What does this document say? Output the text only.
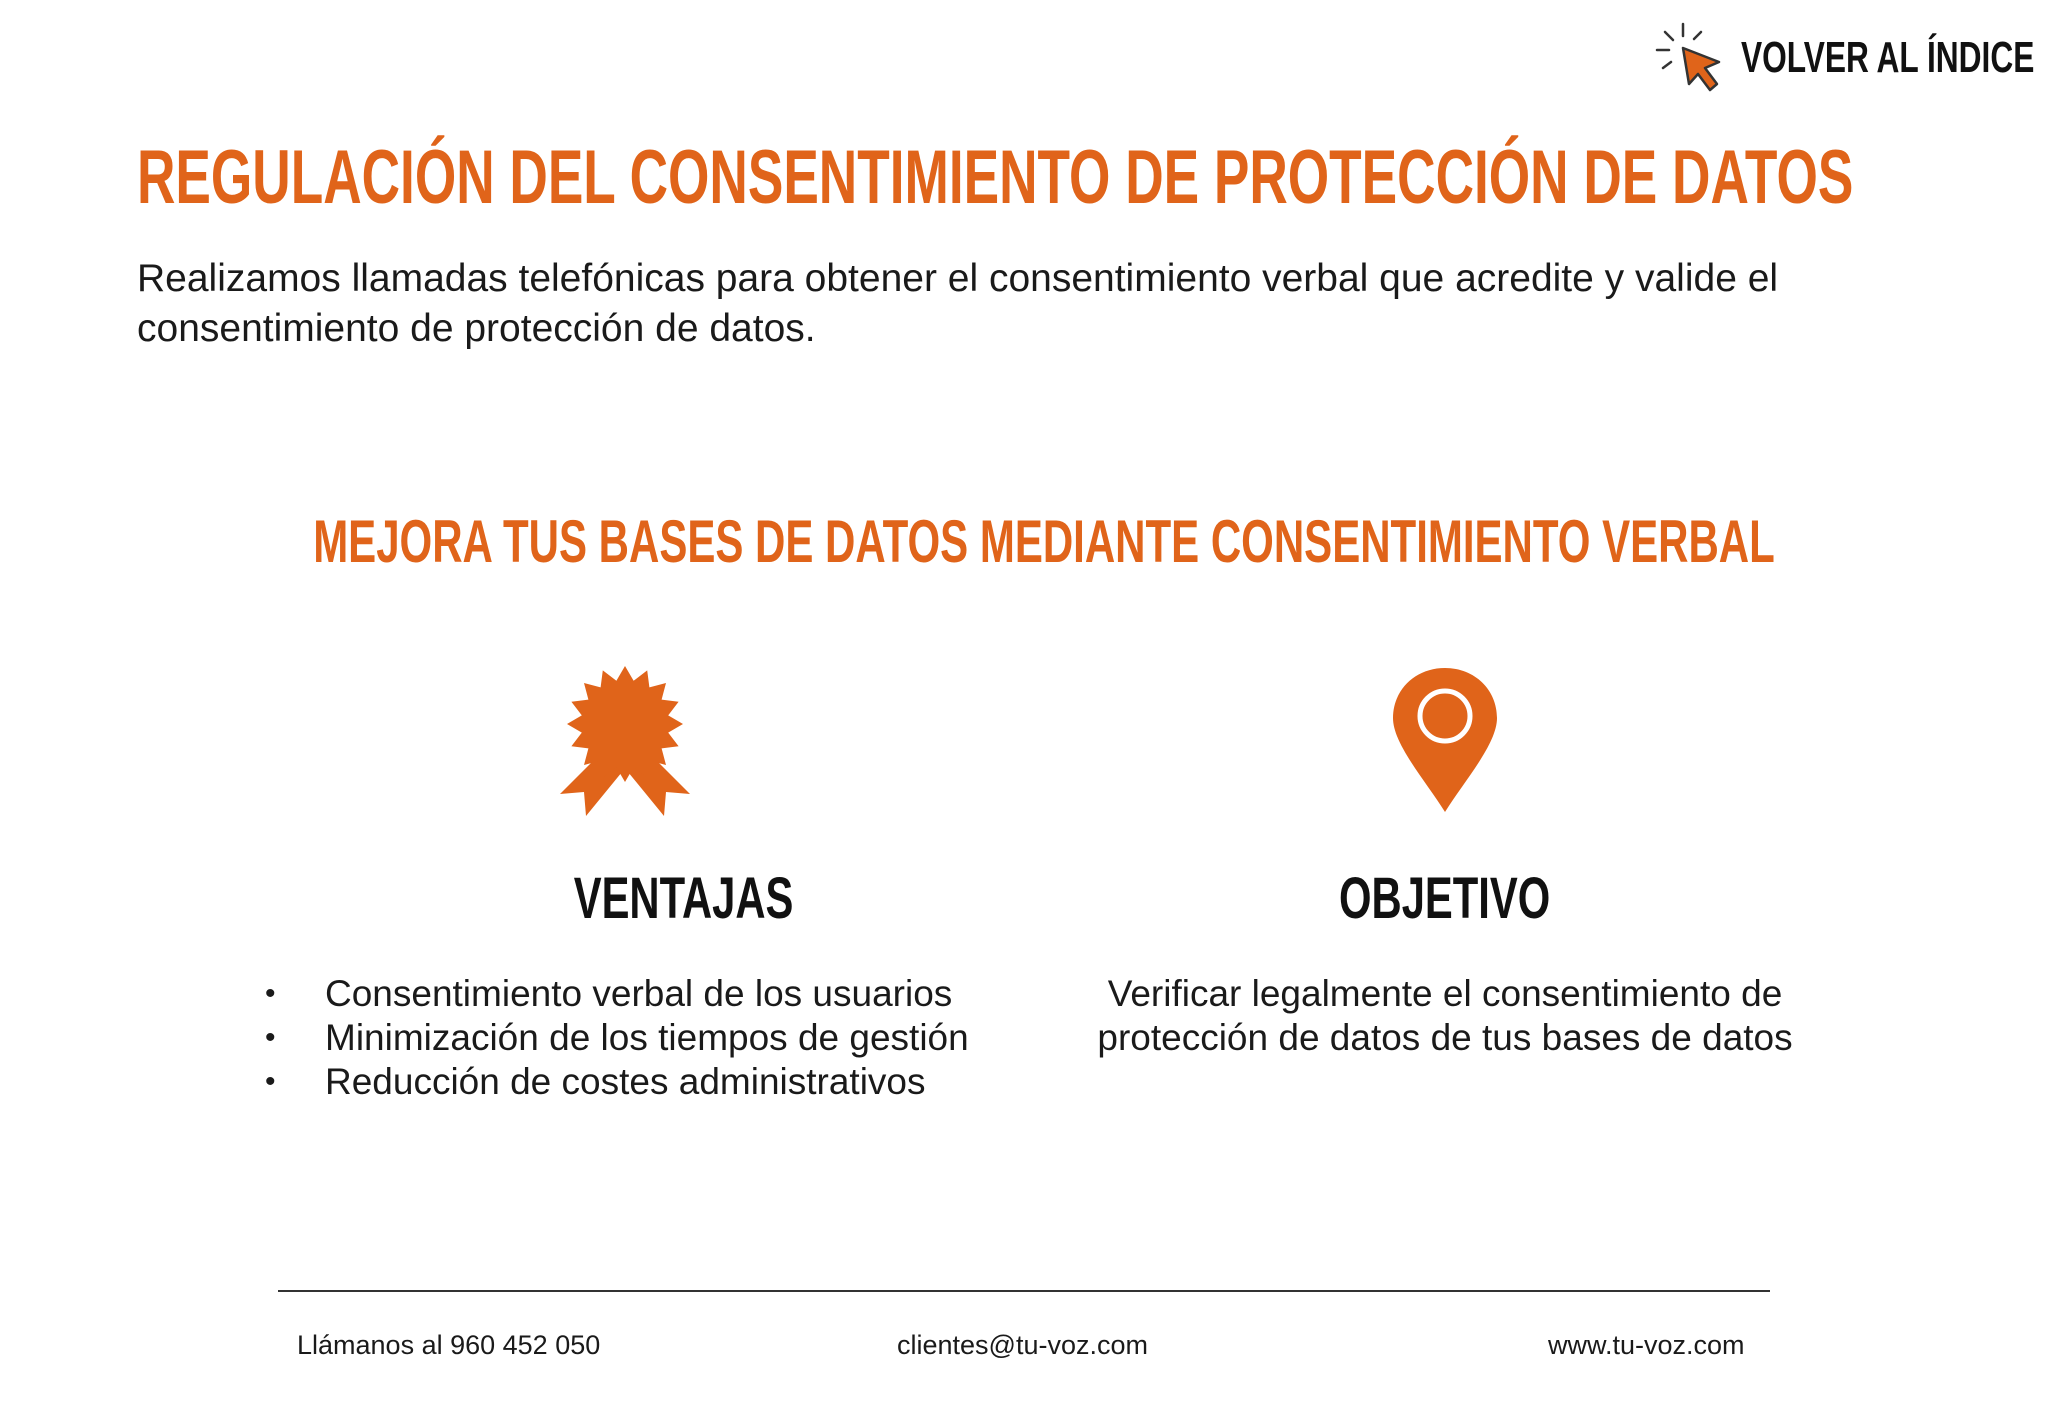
VOLVER AL ÍNDICE
REGULACIÓN DEL CONSENTIMIENTO DE PROTECCIÓN DE DATOS
Realizamos llamadas telefónicas para obtener el consentimiento verbal que acredite y valide el consentimiento de protección de datos.
MEJORA TUS BASES DE DATOS MEDIANTE CONSENTIMIENTO VERBAL
VENTAJAS
• Consentimiento verbal de los usuarios
• Minimización de los tiempos de gestión
• Reducción de costes administrativos
OBJETIVO
Verificar legalmente el consentimiento de protección de datos de tus bases de datos
Llámanos al 960 452 050	clientes@tu-voz.com	www.tu-voz.com
